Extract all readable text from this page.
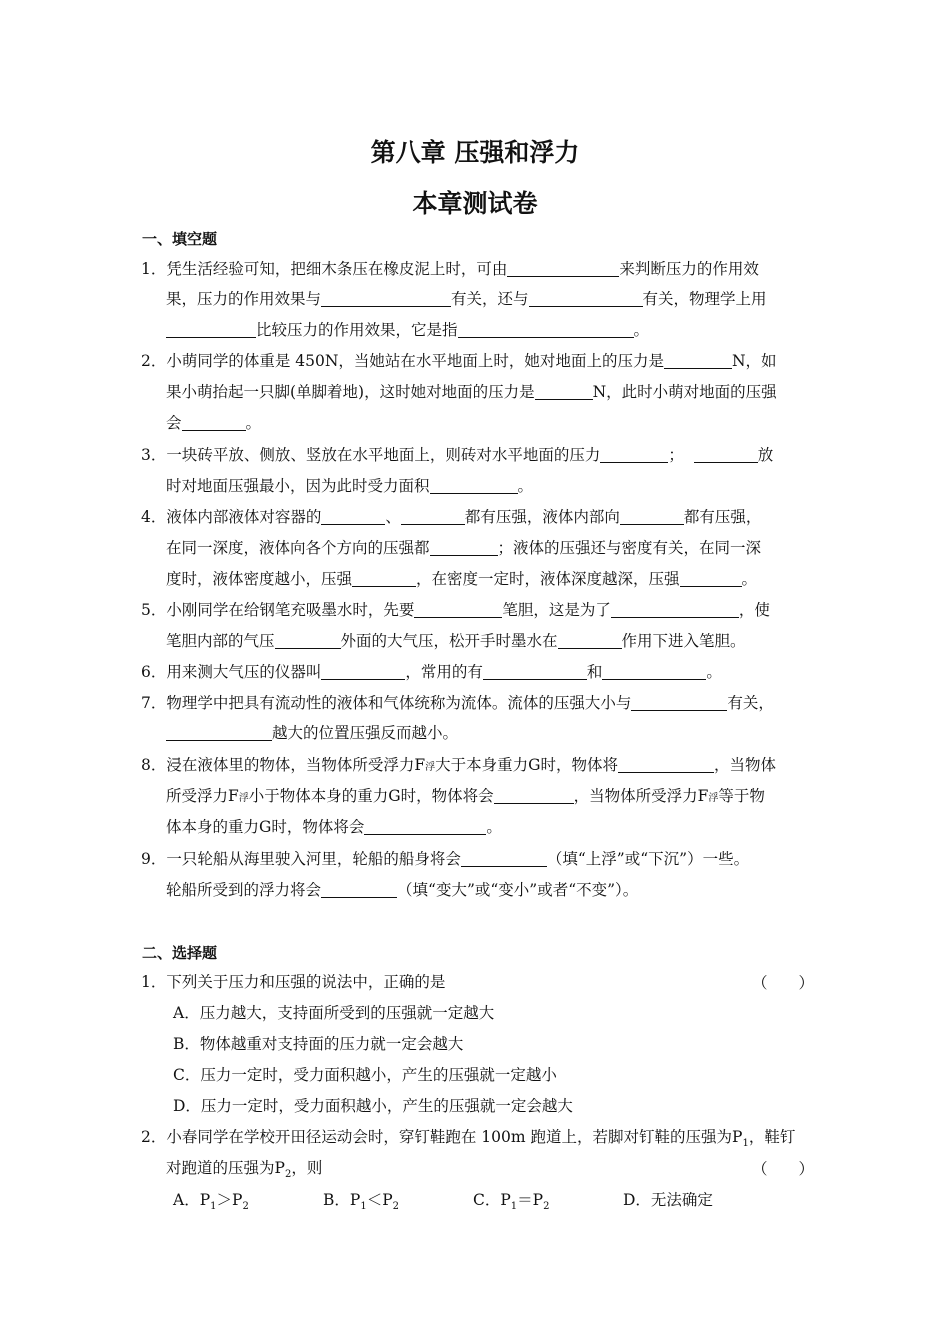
第八章 压强和浮力
本章测试卷
一、填空题
1．凭生活经验可知，把细木条压在橡皮泥上时，可由	来判断压力的作用效
果，压力的作用效果与	有关，还与	有关，物理学上用
比较压力的作用效果，它是指	。
2．小萌同学的体重是 450N，当她站在水平地面上时，她对地面上的压力是	N，如
果小萌抬起一只脚(单脚着地)，这时她对地面的压力是	N，此时小萌对地面的压强
会	。
3．一块砖平放、侧放、竖放在水平地面上，则砖对水平地面的压力	；	放
时对地面压强最小，因为此时受力面积	。
4．液体内部液体对容器的	、	都有压强，液体内部向	都有压强，
在同一深度，液体向各个方向的压强都	；液体的压强还与密度有关，在同一深
度时，液体密度越小，压强	，在密度一定时，液体深度越深，压强	。
5．小刚同学在给钢笔充吸墨水时，先要	笔胆，这是为了	，使
笔胆内部的气压	外面的大气压，松开手时墨水在	作用下进入笔胆。
6．用来测大气压的仪器叫	，常用的有	和	。
7．物理学中把具有流动性的液体和气体统称为流体。流体的压强大小与	有关，
越大的位置压强反而越小。
8．浸在液体里的物体，当物体所受浮力F浮大于本身重力G时，物体将	，当物体
所受浮力F浮小于物体本身的重力G时，物体将会	，当物体所受浮力F浮等于物
体本身的重力G时，物体将会	。
9．一只轮船从海里驶入河里，轮船的船身将会	（填“上浮”或“下沉”）一些。
轮船所受到的浮力将会	（填“变大”或“变小”或者“不变”）。
二、选择题
1．下列关于压力和压强的说法中，正确的是	（　　）
A．压力越大，支持面所受到的压强就一定越大
B．物体越重对支持面的压力就一定会越大
C．压力一定时，受力面积越小，产生的压强就一定越小
D．压力一定时，受力面积越小，产生的压强就一定会越大
2．小春同学在学校开田径运动会时，穿钉鞋跑在 100m 跑道上，若脚对钉鞋的压强为$P_1$，鞋钉
对跑道的压强为$P_2$，则	（　　）
A．$P_1>P_2$	B．$P_1<P_2$	C．$P_1=P_2$	D．无法确定
